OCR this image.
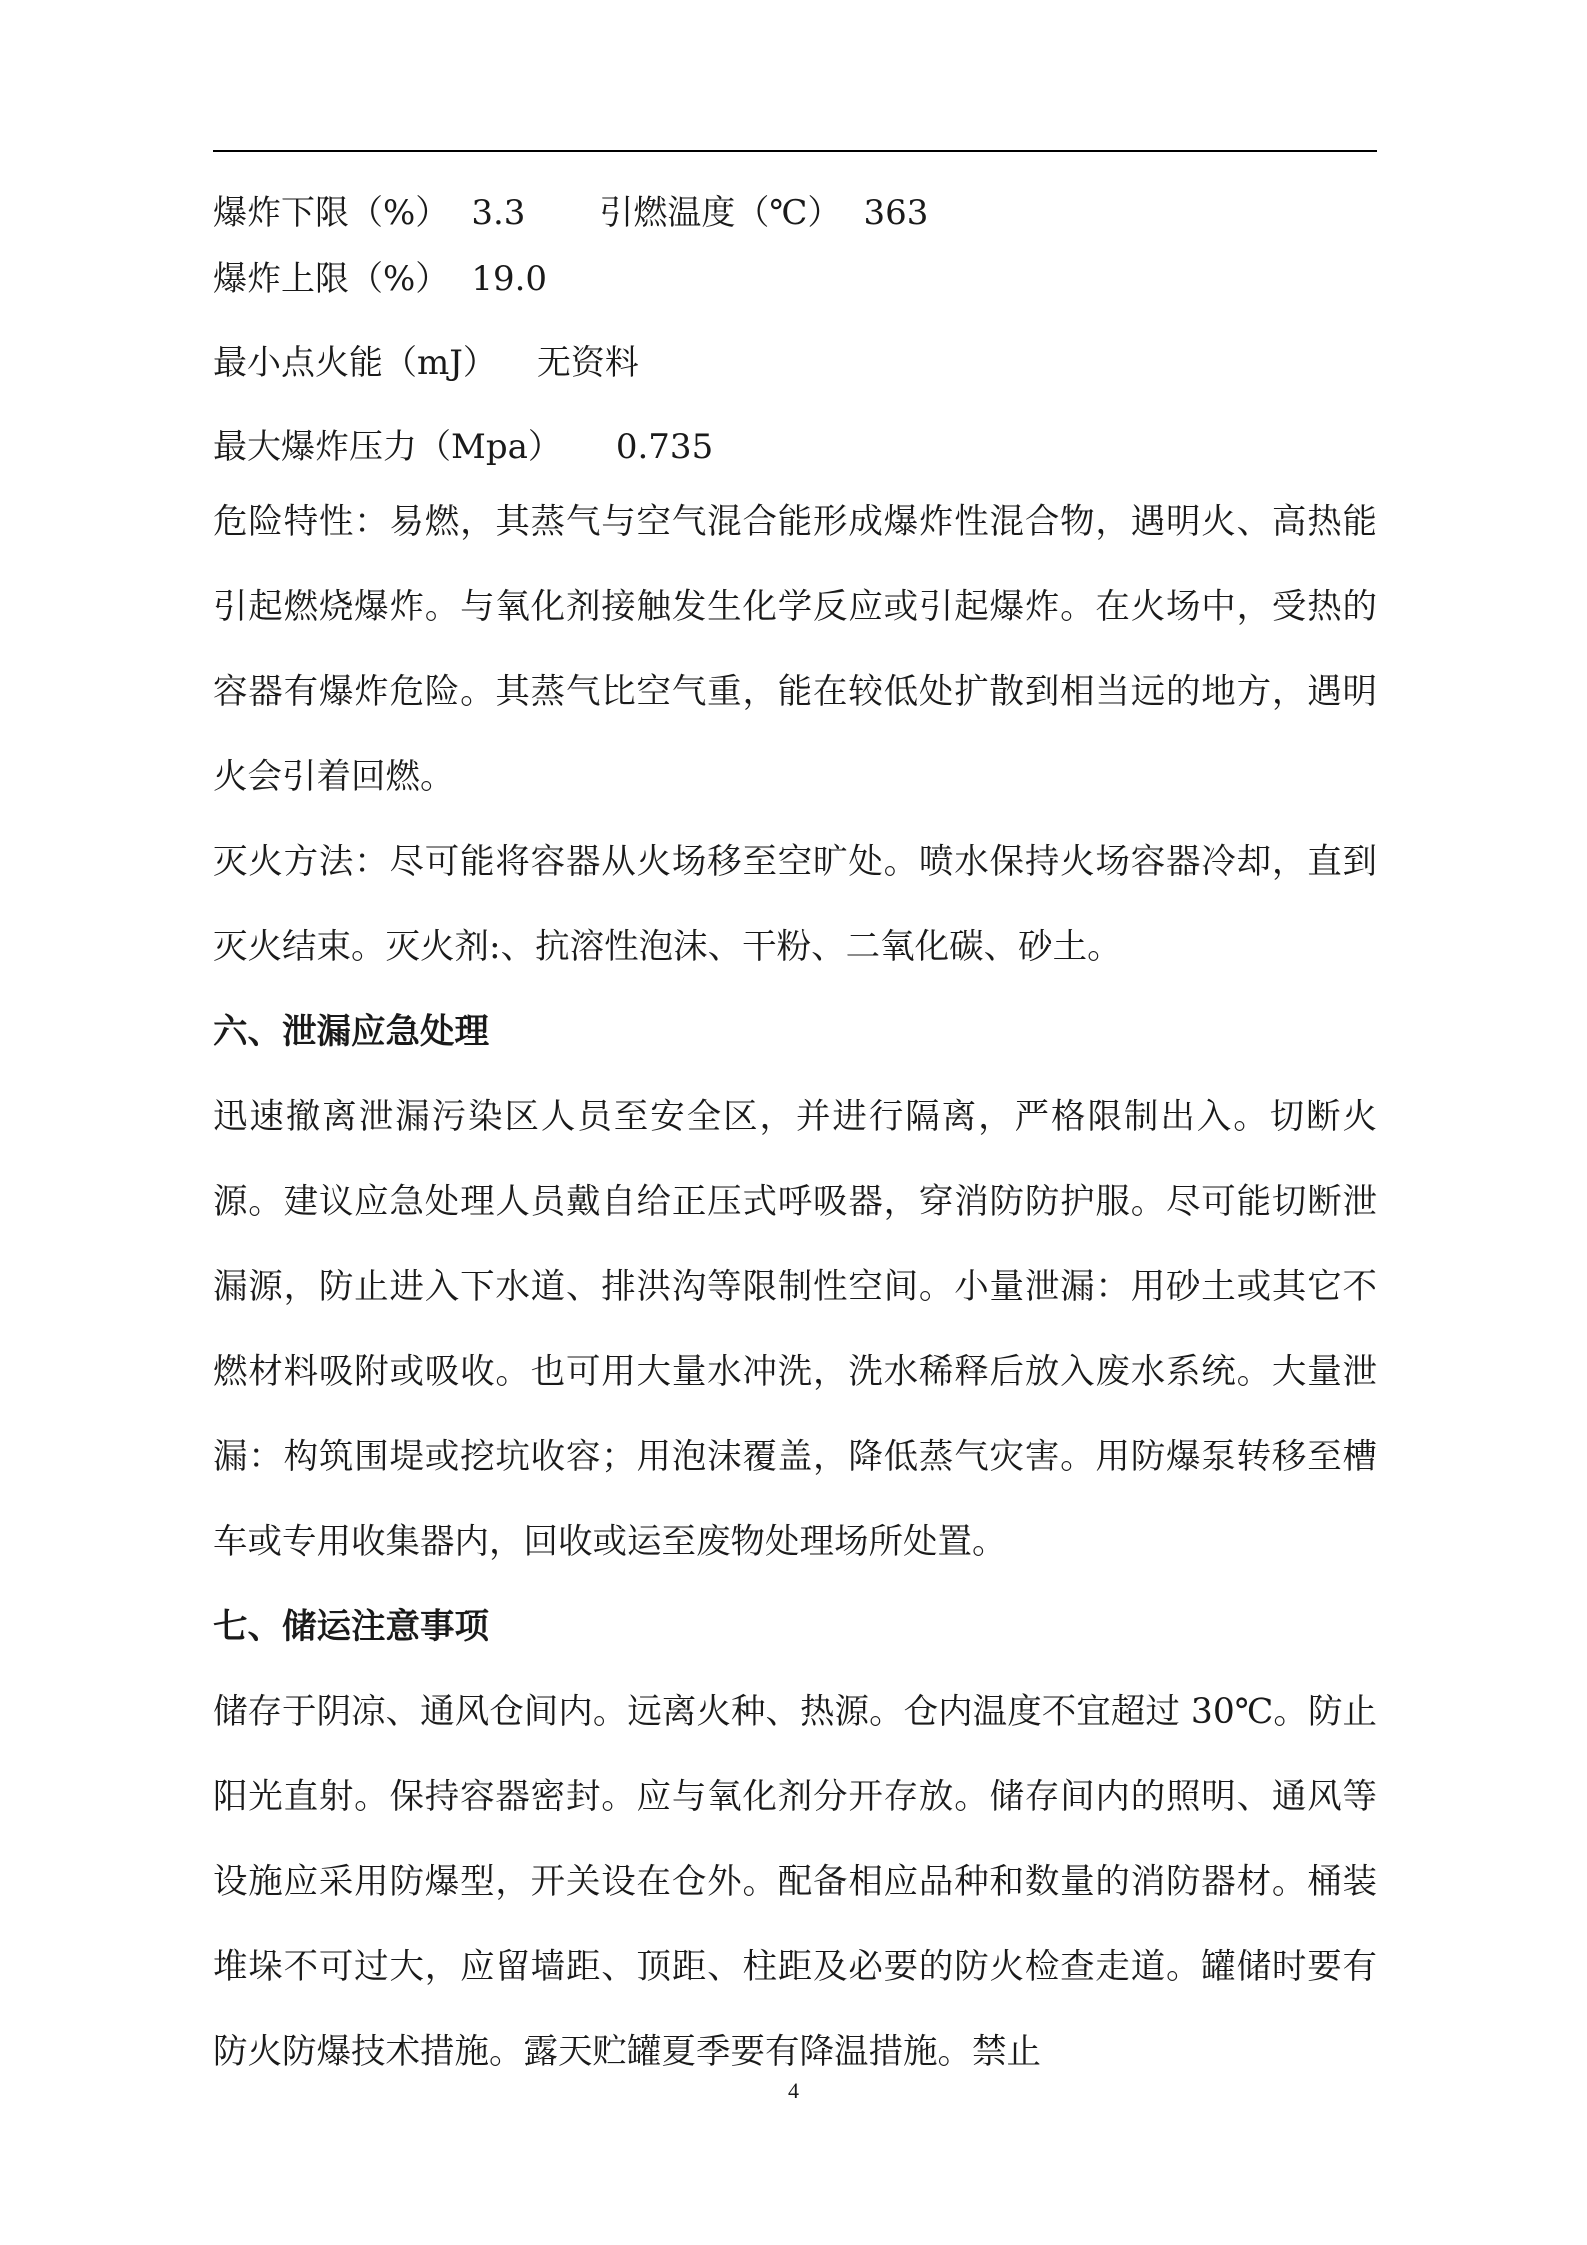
爆炸下限（%） 3.3 引燃温度（℃） 363
爆炸上限（%） 19.0
最小点火能（mJ） 无资料
最大爆炸压力（Mpa） 0.735

危险特性：易燃，其蒸气与空气混合能形成爆炸性混合物，遇明火、高热能引起燃烧爆炸。与氧化剂接触发生化学反应或引起爆炸。在火场中，受热的容器有爆炸危险。其蒸气比空气重，能在较低处扩散到相当远的地方，遇明火会引着回燃。

灭火方法：尽可能将容器从火场移至空旷处。喷水保持火场容器冷却，直到灭火结束。灭火剂:、抗溶性泡沫、干粉、二氧化碳、砂土。

六、泄漏应急处理

迅速撤离泄漏污染区人员至安全区，并进行隔离，严格限制出入。切断火源。建议应急处理人员戴自给正压式呼吸器，穿消防防护服。尽可能切断泄漏源，防止进入下水道、排洪沟等限制性空间。小量泄漏：用砂土或其它不燃材料吸附或吸收。也可用大量水冲洗，洗水稀释后放入废水系统。大量泄漏：构筑围堤或挖坑收容；用泡沫覆盖，降低蒸气灾害。用防爆泵转移至槽车或专用收集器内，回收或运至废物处理场所处置。

七、储运注意事项

储存于阴凉、通风仓间内。远离火种、热源。仓内温度不宜超过 30℃。防止阳光直射。保持容器密封。应与氧化剂分开存放。储存间内的照明、通风等设施应采用防爆型，开关设在仓外。配备相应品种和数量的消防器材。桶装堆垛不可过大，应留墙距、顶距、柱距及必要的防火检查走道。罐储时要有防火防爆技术措施。露天贮罐夏季要有降温措施。禁止

4
